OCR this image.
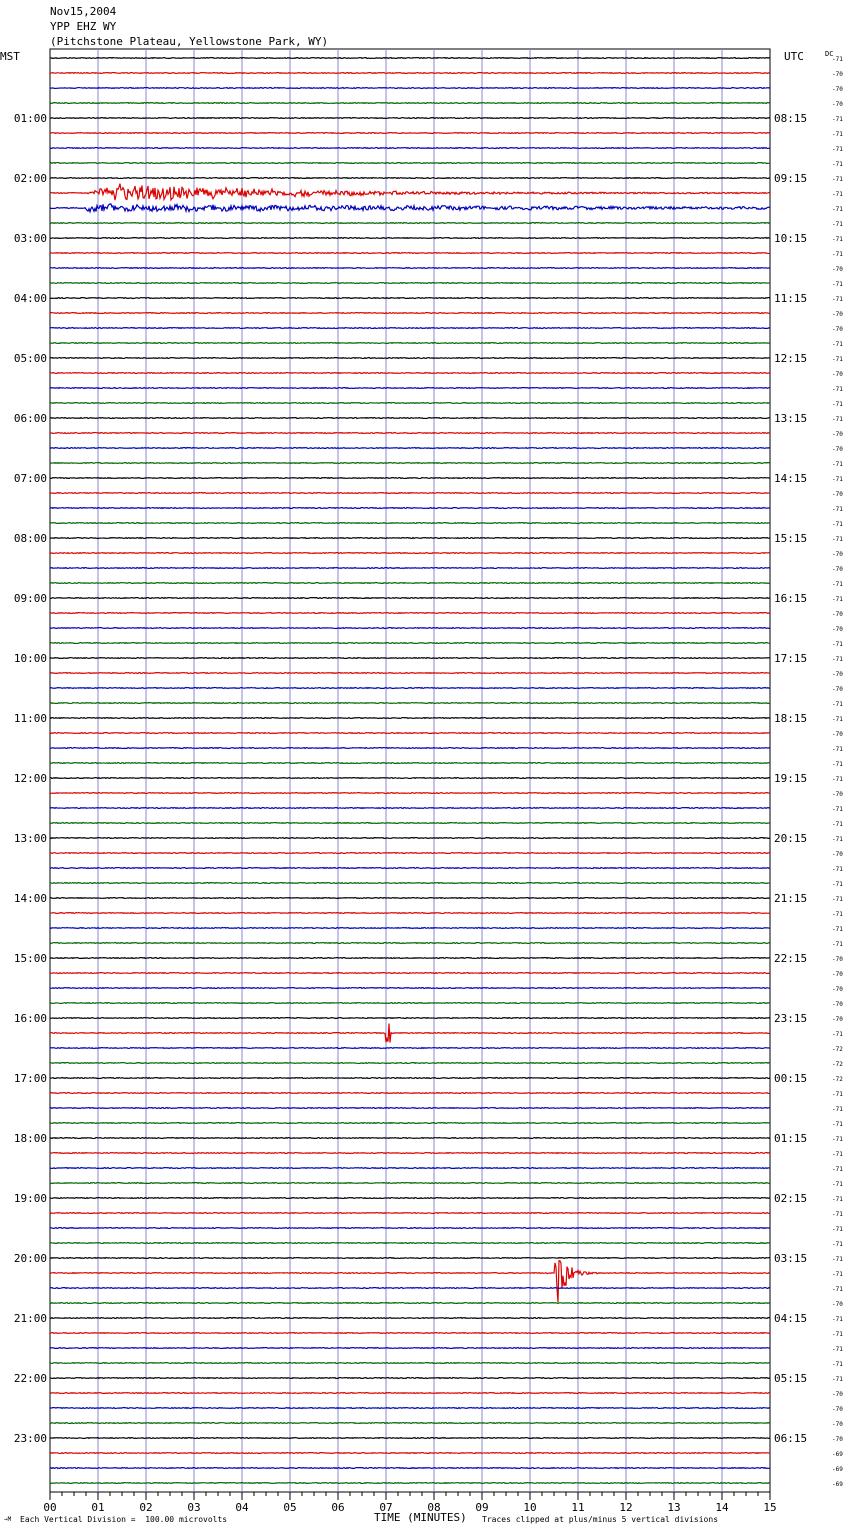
Nov15,2004
YPP EHZ WY
(Pitchstone Plateau, Yellowstone Park, WY)
MST	UTC	DC
-71
-70
-70
-70
-71
-71
-71
-71
-71
-71
-71
-71
-71
-71
-70
-71
-71
-70
-70
-71
-71
-70
-71
-71
-71
-70
-70
-71
-71
-70
-71
-71
-71
-70
-70
-71
-71
-70
-70
-71
-71
-70
-70
-71
-71
-70
-71
-71
-71
-70
-71
-71
-71
-70
-71
-71
-71
-71
-71
-71
-70
-70
-70
-70
-70
-71
-72
-72
-72
-71
-71
-71
-71
-71
-71
-71
-71
-71
-71
-71
-71
-71
-71
-70
-71
-71
-71
-71
-71
-70
-70
-70
-70
-69
-69
-69
01:00
02:00
03:00
04:00
05:00
06:00
07:00
08:00
09:00
10:00
11:00
12:00
13:00
14:00
15:00
16:00
17:00
18:00
19:00
20:00
21:00
22:00
23:00
08:15
09:15
10:15
11:15
12:15
13:15
14:15
15:15
16:15
17:15
18:15
19:15
20:15
21:15
22:15
23:15
00:15
01:15
02:15
03:15
04:15
05:15
06:15
00	01	02	03	04	05	06	07	08	09	10	11	12	13	14	15
→M Each Vertical Division =  100.00 microvolts	TIME (MINUTES) Traces clipped at plus/minus 5 vertical divisions
